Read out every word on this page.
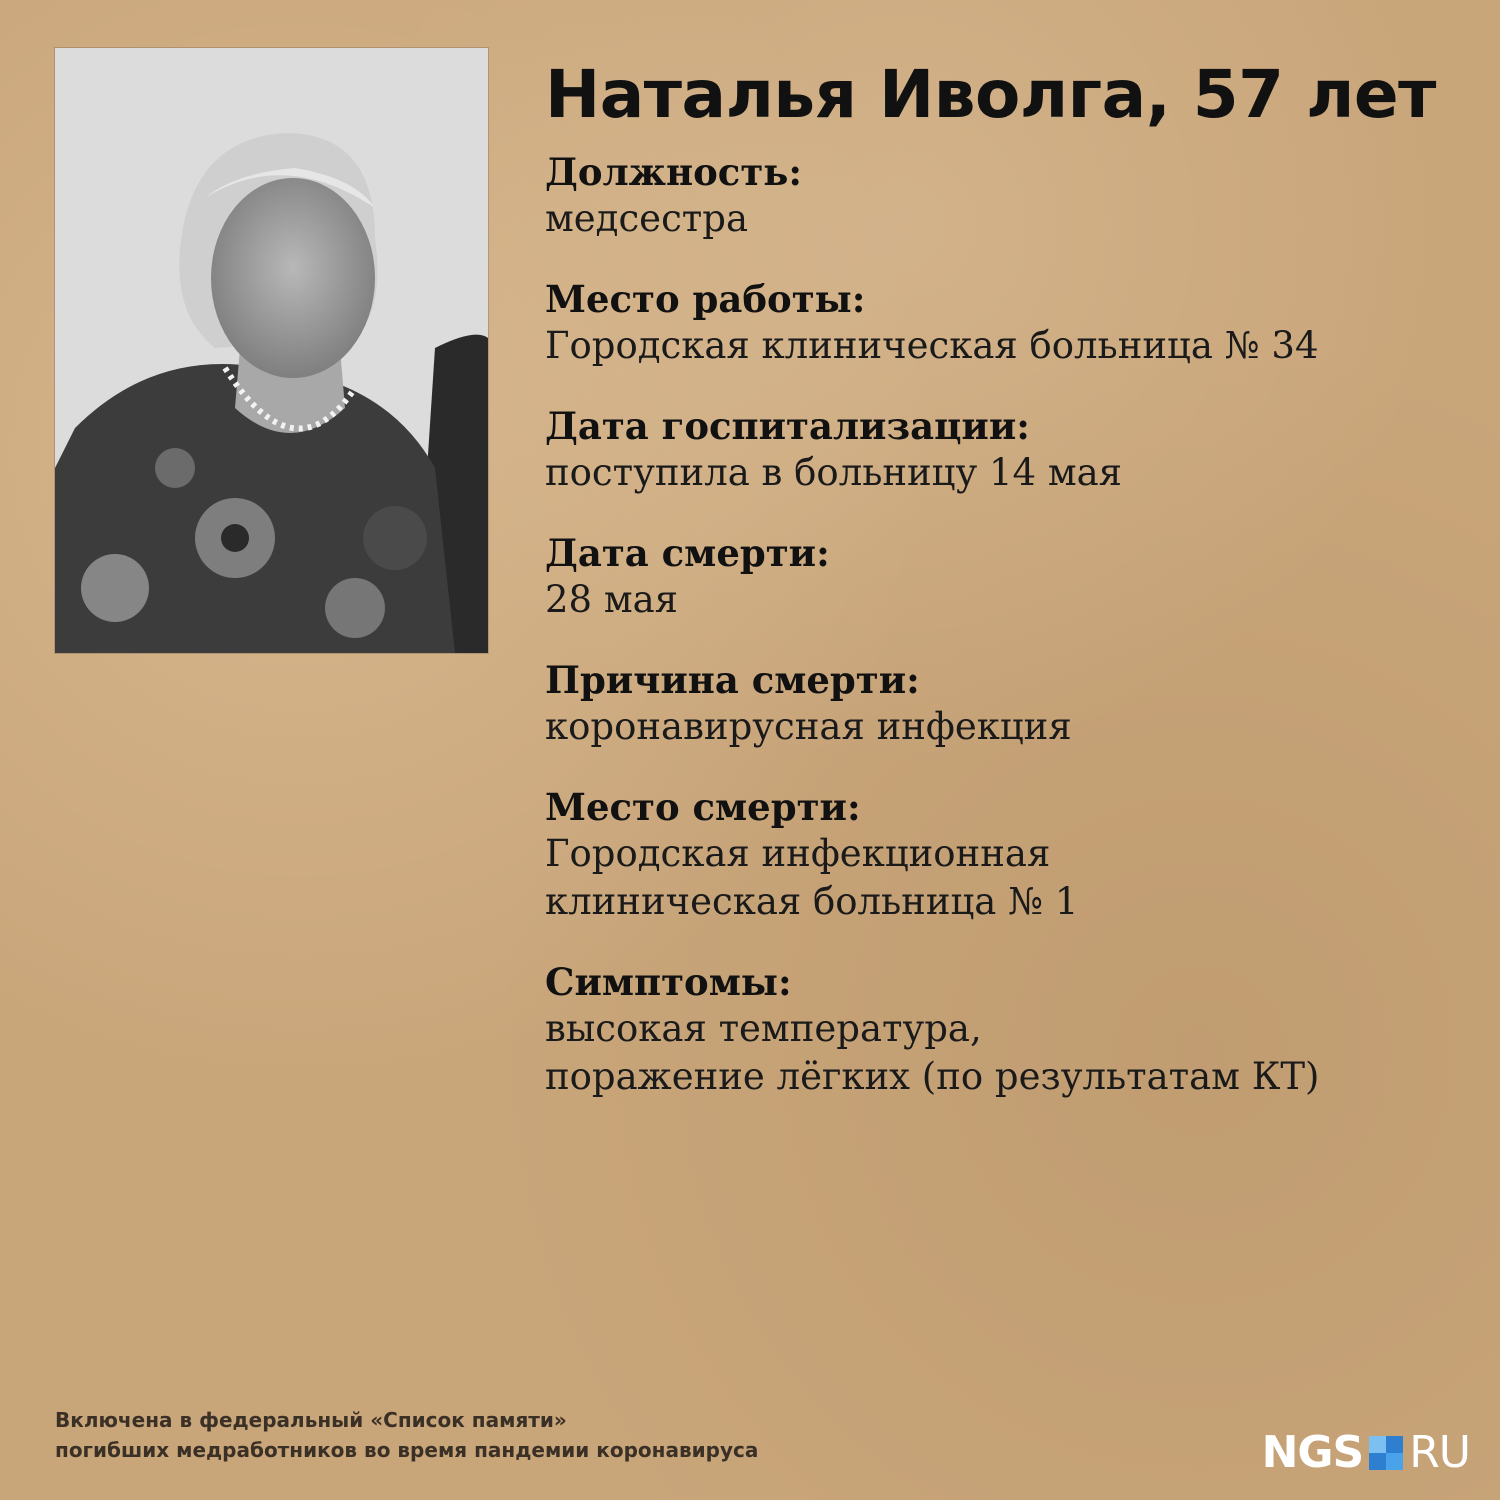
Наталья Иволга, 57 лет
Должность:
медсестра
Место работы:
Городская клиническая больница № 34
Дата госпитализации:
поступила в больницу 14 мая
Дата смерти:
28 мая
Причина смерти:
коронавирусная инфекция
Место смерти:
Городская инфекционная
клиническая больница № 1
Симптомы:
высокая температура,
поражение лёгких (по результатам КТ)
Включена в федеральный «Список памяти»
погибших медработников во время пандемии коронавируса	NGS RU
